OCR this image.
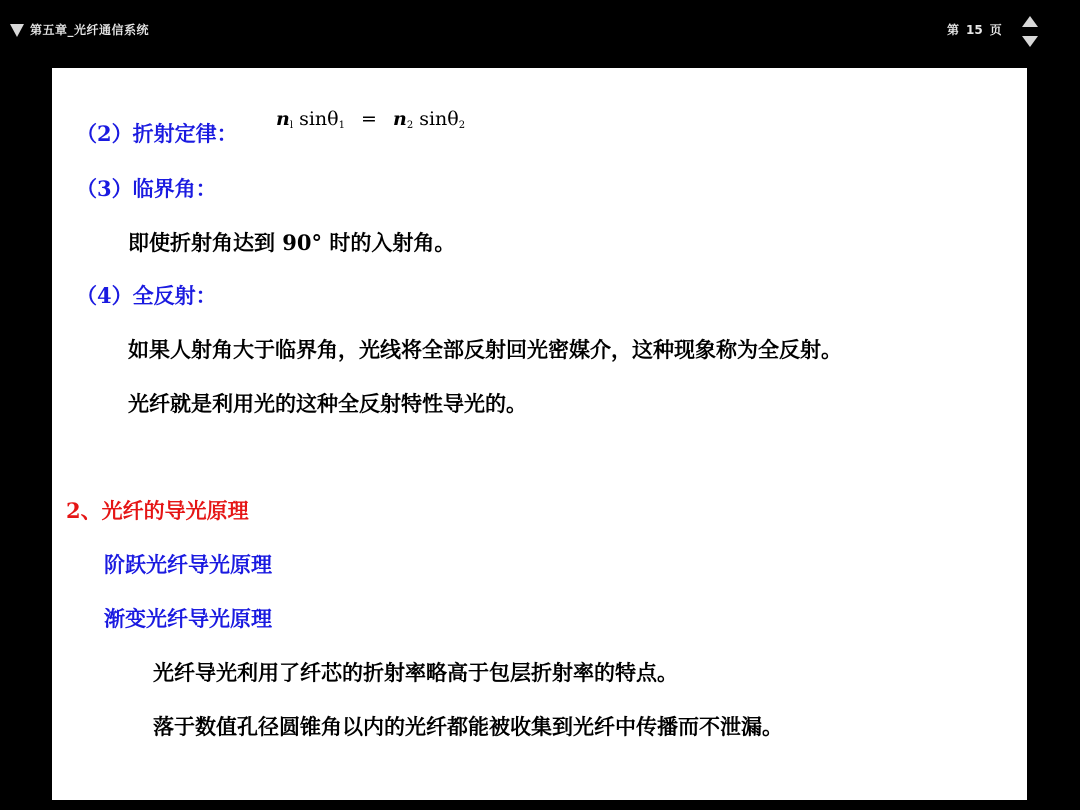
第五章_光纤通信系统	第 15 页
（2）折射定律：
$n_l$ $\sin\theta_1 = n_2$ sinθ$_2$
（3）临界角：
即使折射角达到 90° 时的入射角。
（4）全反射：
如果人射角大于临界角，光线将全部反射回光密媒介，这种现象称为全反射。
光纤就是利用光的这种全反射特性导光的。
2、光纤的导光原理
阶跃光纤导光原理
渐变光纤导光原理
光纤导光利用了纤芯的折射率略高于包层折射率的特点。
落于数值孔径圆锥角以内的光纤都能被收集到光纤中传播而不泄漏。
